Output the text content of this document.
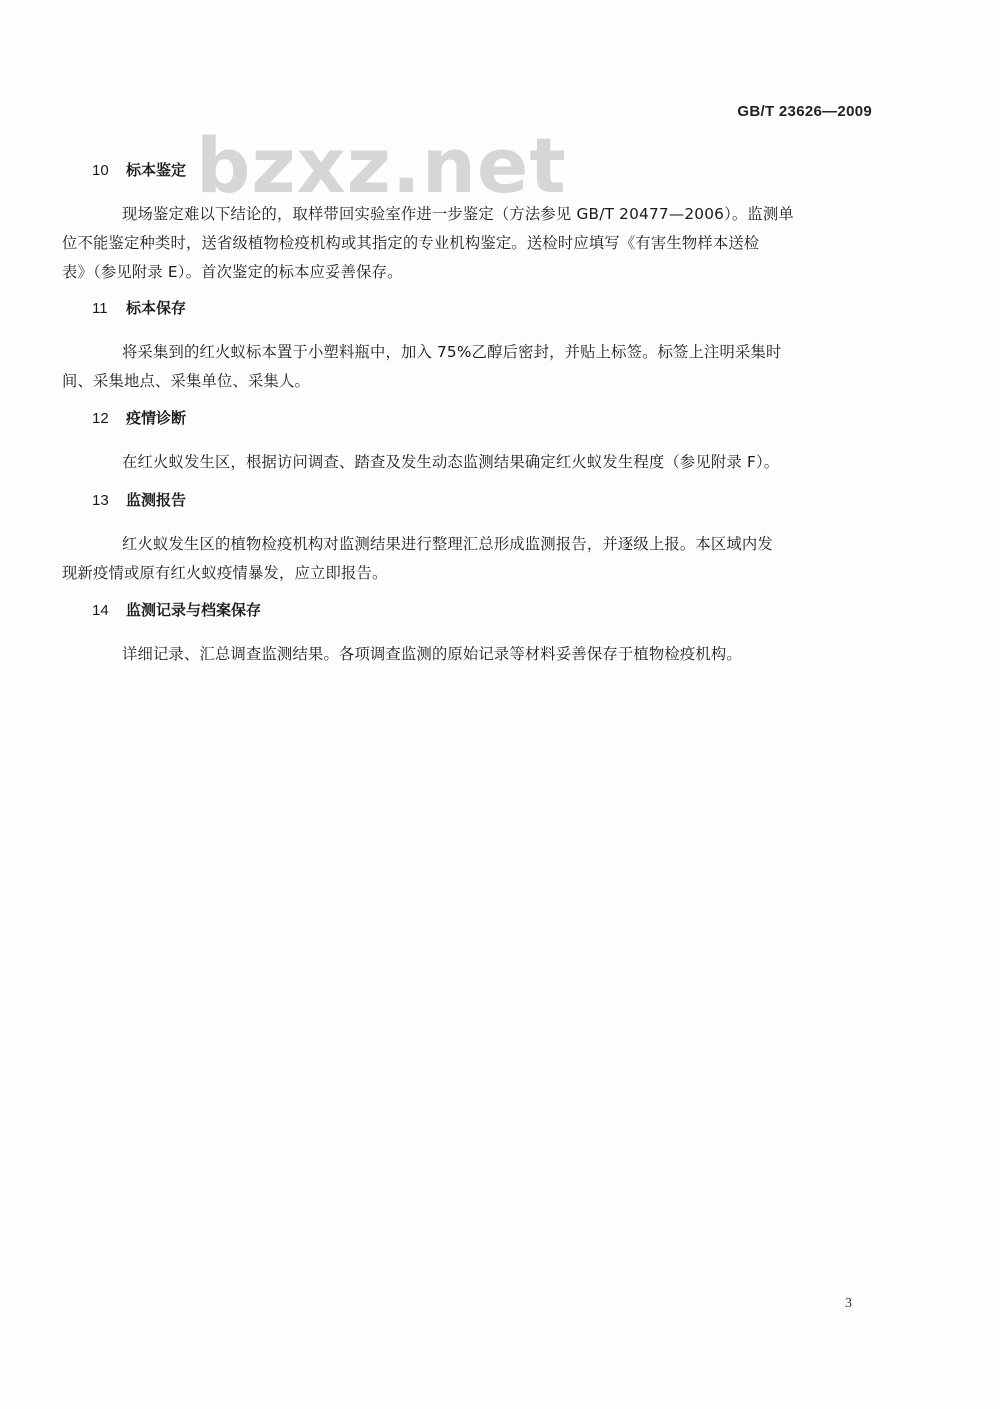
GB/T 23626—2009
bzxz.net
10 标本鉴定
现场鉴定难以下结论的，取样带回实验室作进一步鉴定（方法参见 GB/T 20477—2006）。监测单
位不能鉴定种类时，送省级植物检疫机构或其指定的专业机构鉴定。送检时应填写《有害生物样本送检
表》（参见附录 E）。首次鉴定的标本应妥善保存。
11 标本保存
将采集到的红火蚁标本置于小塑料瓶中，加入 75%乙醇后密封，并贴上标签。标签上注明采集时
间、采集地点、采集单位、采集人。
12 疫情诊断
在红火蚁发生区，根据访问调查、踏查及发生动态监测结果确定红火蚁发生程度（参见附录 F）。
13 监测报告
红火蚁发生区的植物检疫机构对监测结果进行整理汇总形成监测报告，并逐级上报。本区域内发
现新疫情或原有红火蚁疫情暴发，应立即报告。
14 监测记录与档案保存
详细记录、汇总调查监测结果。各项调查监测的原始记录等材料妥善保存于植物检疫机构。
3
